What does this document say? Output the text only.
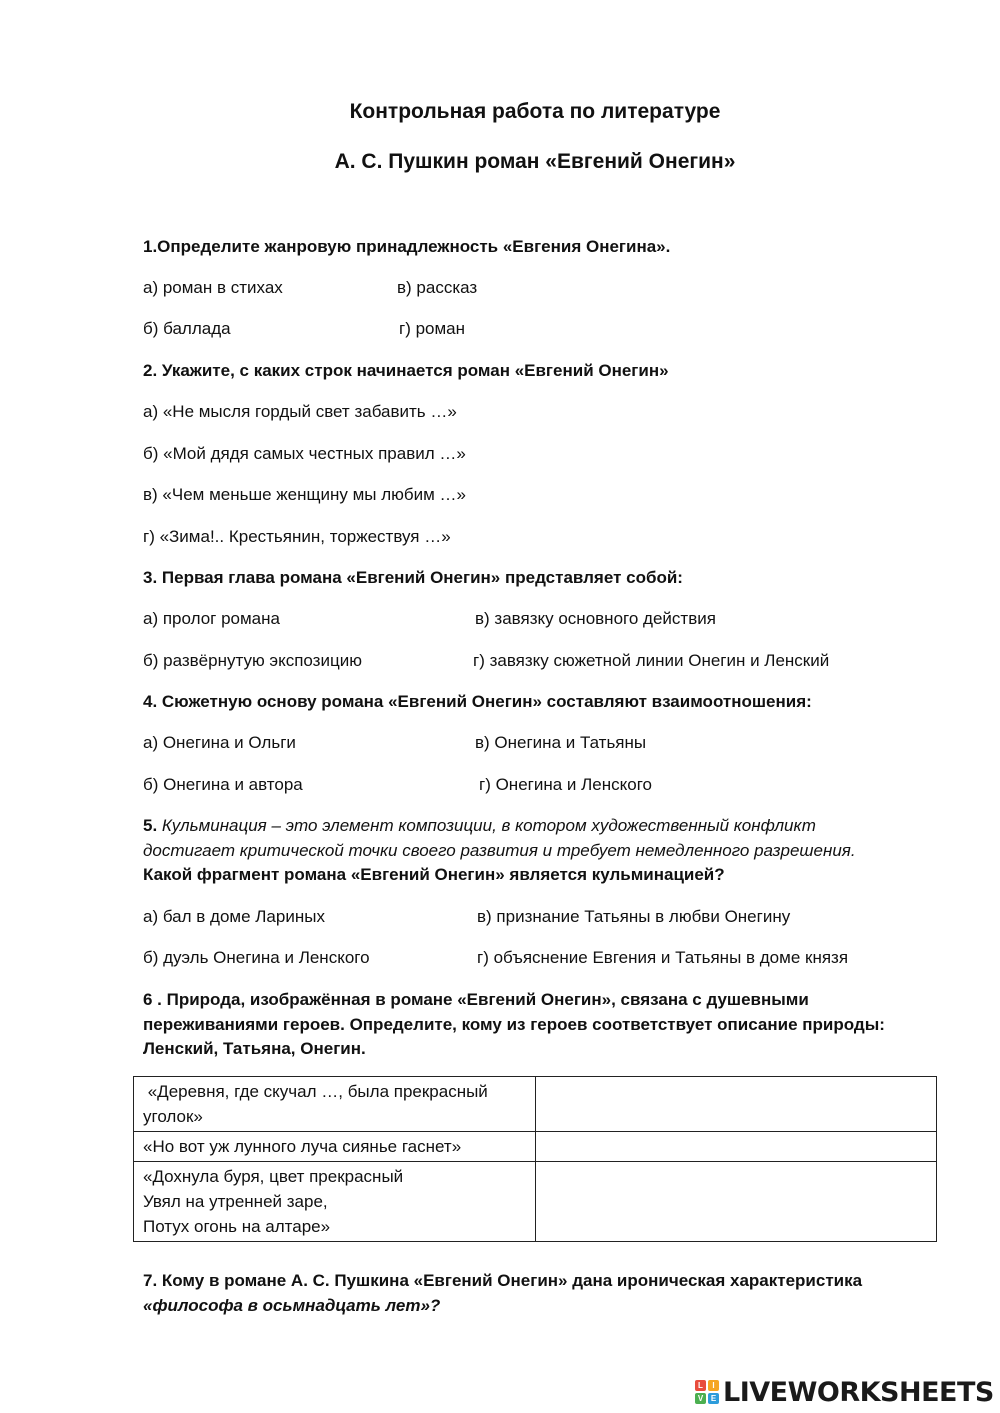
Контрольная работа по литературе
А. С. Пушкин роман «Евгений Онегин»
1.Определите жанровую принадлежность «Евгения Онегина».
а) роман в стихах	в) рассказ
б) баллада	г) роман
2. Укажите, с каких строк начинается роман «Евгений Онегин»
а) «Не мысля гордый свет забавить …»
б) «Мой дядя самых честных правил …»
в) «Чем меньше женщину мы любим …»
г) «Зима!.. Крестьянин, торжествуя …»
3. Первая глава романа «Евгений Онегин» представляет собой:
а) пролог романа	в) завязку основного действия
б) развёрнутую экспозицию	г) завязку сюжетной линии Онегин и Ленский
4. Сюжетную основу романа «Евгений Онегин» составляют взаимоотношения:
а) Онегина и Ольги	в) Онегина и Татьяны
б) Онегина и автора	г) Онегина и Ленского
5. Кульминация – это элемент композиции, в котором художественный конфликт
достигает критической точки своего развития и требует немедленного разрешения.
Какой фрагмент романа «Евгений Онегин» является кульминацией?
а) бал в доме Лариных	в) признание Татьяны в любви Онегину
б) дуэль Онегина и Ленского	г) объяснение Евгения и Татьяны в доме князя
6 . Природа, изображённая в романе «Евгений Онегин», связана с душевными
переживаниями героев. Определите, кому из героев соответствует описание природы:
Ленский, Татьяна, Онегин.
«Деревня, где скучал …, была прекрасный
уголок»	

«Но вот уж лунного луча сиянье гаснет»	

«Дохнула буря, цвет прекрасный
Увял на утренней заре,
Потух огонь на алтаре»	

7. Кому в романе А. С. Пушкина «Евгений Онегин» дана ироническая характеристика
«философа в осьмнадцать лет»?
L	I
V E LIVEWORKSHEETS
